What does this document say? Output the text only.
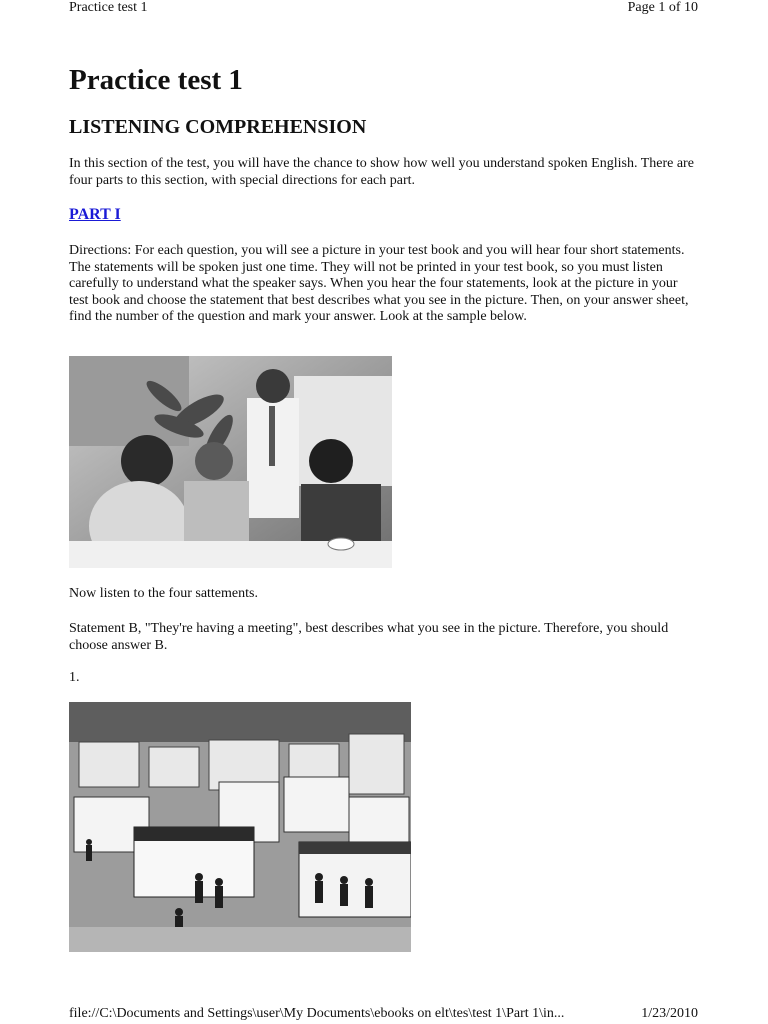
Practice test 1	Page 1 of 10
Practice test 1
LISTENING COMPREHENSION

In this section of the test, you will have the chance to show how well you understand spoken English. There are four parts to this section, with special directions for each part.

PART I

Directions: For each question, you will see a picture in your test book and you will hear four short statements. The statements will be spoken just one time. They will not be printed in your test book, so you must listen carefully to understand what the speaker says. When you hear the four statements, look at the picture in your test book and choose the statement that best describes what you see in the picture. Then, on your answer sheet, find the number of the question and mark your answer. Look at the sample below.

Now listen to the four sattements.

Statement B, "They're having a meeting", best describes what you see in the picture. Therefore, you should choose answer B.

1.

file://C:\Documents and Settings\user\My Documents\ebooks on elt\tes\test 1\Part 1\in...	1/23/2010
